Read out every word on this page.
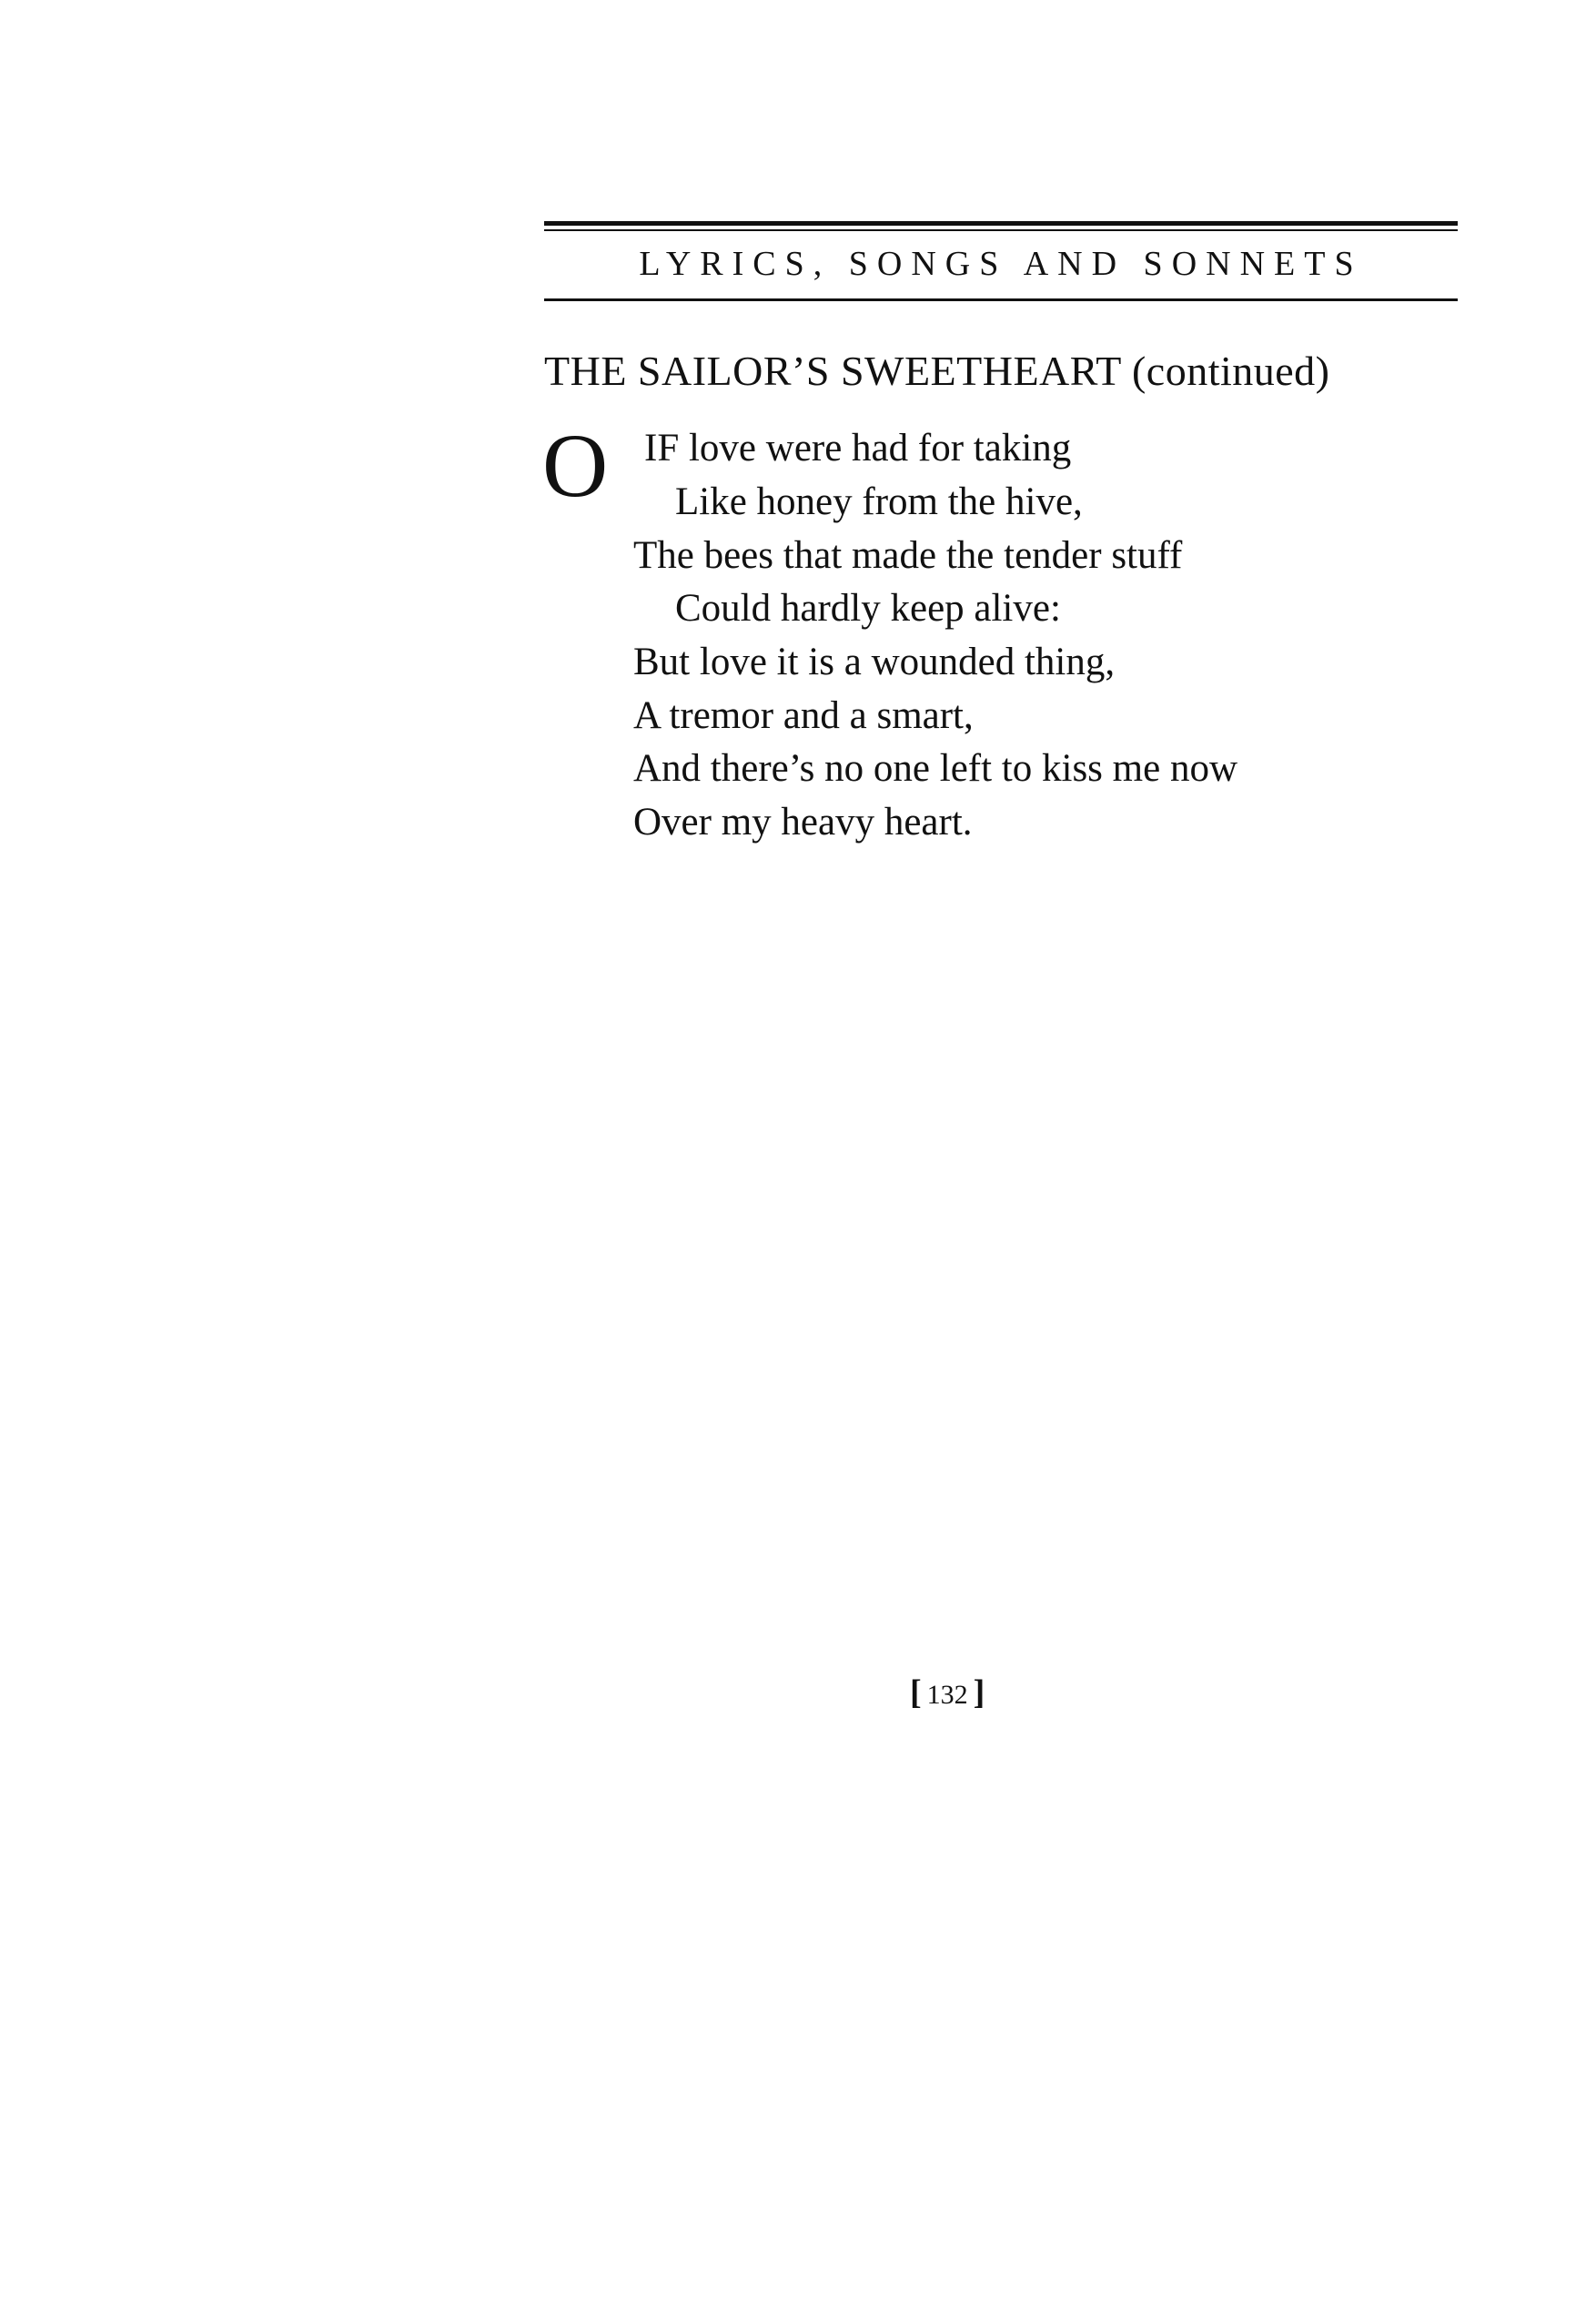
LYRICS, SONGS AND SONNETS
THE SAILOR’S SWEETHEART (continued)
O IF love were had for taking
Like honey from the hive,
The bees that made the tender stuff
Could hardly keep alive:
But love it is a wounded thing,
A tremor and a smart,
And there’s no one left to kiss me now
Over my heavy heart.
[ 132 ]
